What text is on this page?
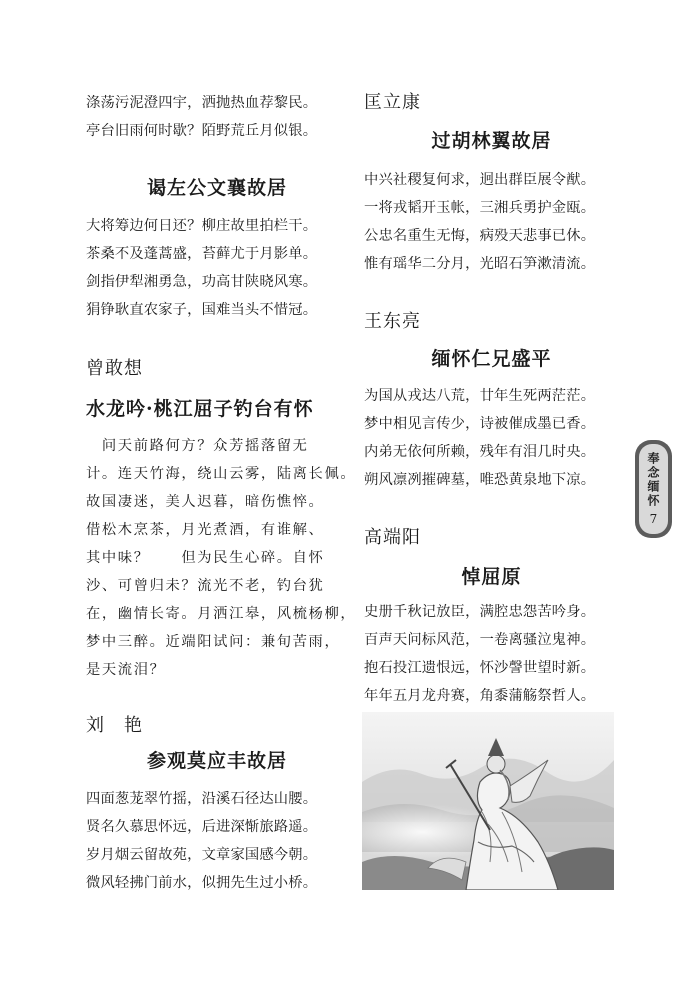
涤荡污泥澄四宇，洒抛热血荐黎民。
亭台旧雨何时歇？陌野荒丘月似银。
谒左公文襄故居
大将筹边何日还？柳庄故里拍栏干。
茶桑不及蓬蒿盛，苔藓尤于月影单。
剑指伊犁湘勇急，功高甘陕晓风寒。
狷铮耿直农家子，国难当头不惜冠。
曾敢想
水龙吟·桃江屈子钓台有怀
　问天前路何方？众芳摇落留无
计。连天竹海，绕山云雾，陆离长佩。
故国凄迷，美人迟暮，暗伤憔悴。
借松木烹茶，月光煮酒，有谁解、
其中味？　　但为民生心碎。自怀
沙、可曾归未？流光不老，钓台犹
在，幽情长寄。月洒江皋，风梳杨柳，
梦中三醉。近端阳试问：兼旬苦雨，
是天流泪？
刘　艳
参观莫应丰故居
四面葱茏翠竹摇，沿溪石径达山腰。
贤名久慕思怀远，后进深惭旅路遥。
岁月烟云留故苑，文章家国感今朝。
微风轻拂门前水，似拥先生过小桥。
匡立康
过胡林翼故居
中兴社稷复何求，迥出群臣展令猷。
一将戎韬开玉帐，三湘兵勇护金瓯。
公忠名重生无悔，病殁天悲事已休。
惟有瑶华二分月，光昭石笋漱清流。
王东亮
缅怀仁兄盛平
为国从戎达八荒，廿年生死两茫茫。
梦中相见言传少，诗被催成墨已香。
内弟无依何所赖，残年有泪几时央。
朔风凛冽摧碑墓，唯恐黄泉地下凉。
高端阳
悼屈原
史册千秋记放臣，满腔忠怨苦吟身。
百声天问标风范，一卷离骚泣鬼神。
抱石投江遗恨远，怀沙謦世望时新。
年年五月龙舟赛，角黍蒲觞祭哲人。
奉念缅怀
7
